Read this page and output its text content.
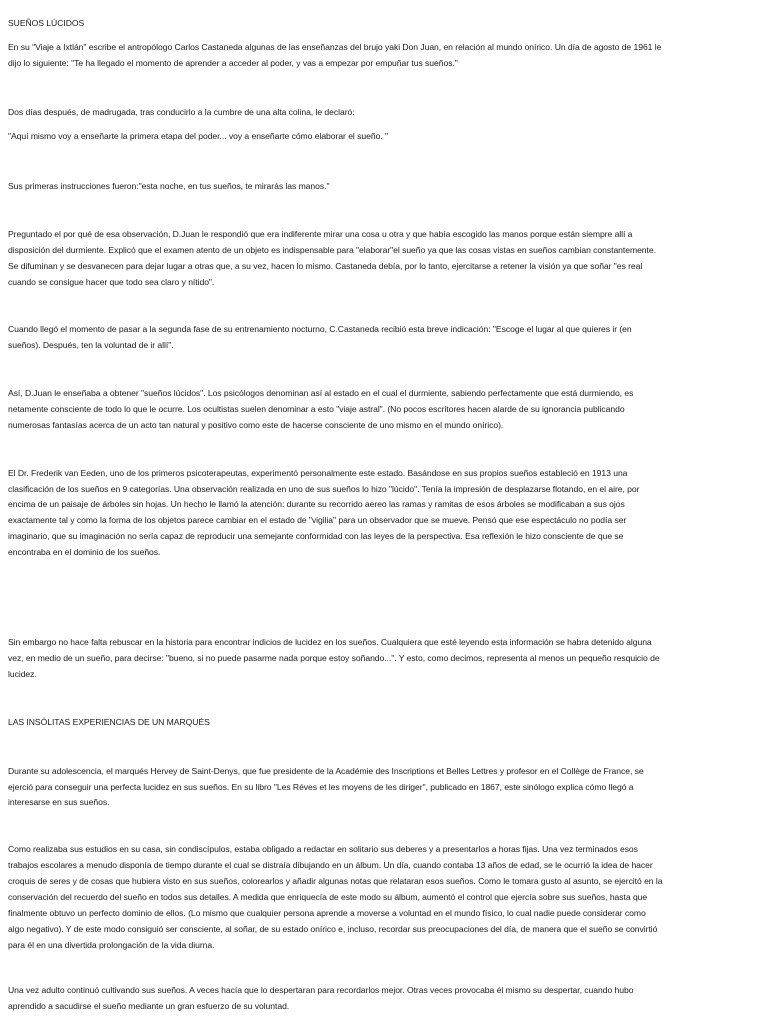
SUEÑOS LÚCIDOS
En su "Viaje a Ixtlán" escribe el antropólogo Carlos Castaneda algunas de las enseñanzas del brujo yaki Don Juan, en relación al mundo onírico. Un día de agosto de 1961 le
dijo lo siguiente: "Te ha llegado el momento de aprender a acceder al poder, y vas a empezar por empuñar tus sueños."
Dos días después, de madrugada, tras conducirlo a la cumbre de una alta colina, le declaró:
"Aquí mismo voy a enseñarte la primera etapa del poder... voy a enseñarte cómo elaborar el sueño. "
Sus primeras instrucciones fueron:"esta noche, en tus sueños, te mirarás las manos."
Preguntado el por qué de esa observación, D.Juan le respondió que era indiferente mirar una cosa u otra y que había escogido las manos porque están siempre allí a
disposición del durmiente. Explicó que el examen atento de un objeto es indispensable para "elaborar"el sueño ya que las cosas vistas en sueños cambian constantemente.
Se difuminan y se desvanecen para dejar lugar a otras que, a su vez, hacen lo mismo. Castaneda debía, por lo tanto, ejercitarse a retener la visión ya que soñar "es real
cuando se consigue hacer que todo sea claro y nítido".
Cuando llegó el momento de pasar a la segunda fase de su entrenamiento nocturno, C.Castaneda recibió esta breve indicación: "Escoge el lugar al que quieres ir (en
sueños). Después, ten la voluntad de ir allí".
Así, D.Juan le enseñaba a obtener "sueños lúcidos". Los psicólogos denominan así al estado en el cual el durmiente, sabiendo perfectamente que está durmiendo, es
netamente consciente de todo lo que le ocurre. Los ocultistas suelen denominar a esto "viaje astral". (No pocos escritores hacen alarde de su ignorancia publicando
numerosas fantasías acerca de un acto tan natural y positivo como este de hacerse consciente de uno mismo en el mundo onírico).
El Dr. Frederik van Eeden, uno de los primeros psicoterapeutas, experimentó personalmente este estado. Basándose en sus propios sueños estableció en 1913 una
clasificación de los sueños en 9 categorías. Una observación realizada en uno de sus sueños lo hizo "lúcido". Tenía la impresión de desplazarse flotando, en el aire, por
encima de un paisaje de árboles sin hojas. Un hecho le llamó la atención: durante su recorrido aereo las ramas y ramitas de esos árboles se modificaban a sus ojos
exactamente tal y como la forma de los objetos parece cambiar en el estado de "vigilia" para un observador que se mueve. Pensó que ese espectáculo no podía ser
imaginario, que su imaginación no sería capaz de reproducir una semejante conformidad con las leyes de la perspectiva. Esa reflexión le hizo consciente de que se
encontraba en el dominio de los sueños.
Sin embargo no hace falta rebuscar en la historia para encontrar indicios de lucidez en los sueños. Cualquiera que esté leyendo esta información se habra detenido alguna
vez, en medio de un sueño, para decirse: "bueno, si no puede pasarme nada porque estoy soñando...". Y esto, como decimos, representa al menos un pequeño resquicio de
lucidez.
LAS INSÓLITAS EXPERIENCIAS DE UN MARQUÉS
Durante su adolescencia, el marqués Hervey de Saint-Denys, que fue presidente de la Académie des Inscriptions et Belles Lettres y profesor en el Collège de France, se
ejerció para conseguir una perfecta lucidez en sus sueños. En su libro "Les Réves et les moyens de les diriger", publicado en 1867, este sinólogo explica cómo llegó a
interesarse en sus sueños.
Como realizaba sus estudios en su casa, sin condiscípulos, estaba obligado a redactar en solitario sus deberes y a presentarlos a horas fijas. Una vez terminados esos
trabajos escolares a menudo disponía de tiempo durante el cual se distraía dibujando en un álbum. Un día, cuando contaba 13 años de edad, se le ocurrió la idea de hacer
croquis de seres y de cosas que hubiera visto en sus sueños, colorearlos y añadir algunas notas que relataran esos sueños. Como le tomara gusto al asunto, se ejercitó en la
conservación del recuerdo del sueño en todos sus detalles. A medida que enriquecía de este modo su álbum, aumentó el control que ejercía sobre sus sueños, hasta que
finalmente obtuvo un perfecto dominio de ellos. (Lo mismo que cualquier persona aprende a moverse a voluntad en el mundo físico, lo cual nadie puede considerar como
algo negativo). Y de este modo consiguió ser consciente, al soñar, de su estado onírico e, incluso, recordar sus preocupaciones del día, de manera que el sueño se convirtió
para él en una divertida prolongación de la vida diurna.
Una vez adulto continuó cultivando sus sueños. A veces hacía que lo despertaran para recordarlos mejor. Otras veces provocaba él mismo su despertar, cuando hubo
aprendido a sacudirse el sueño mediante un gran esfuerzo de su voluntad.
